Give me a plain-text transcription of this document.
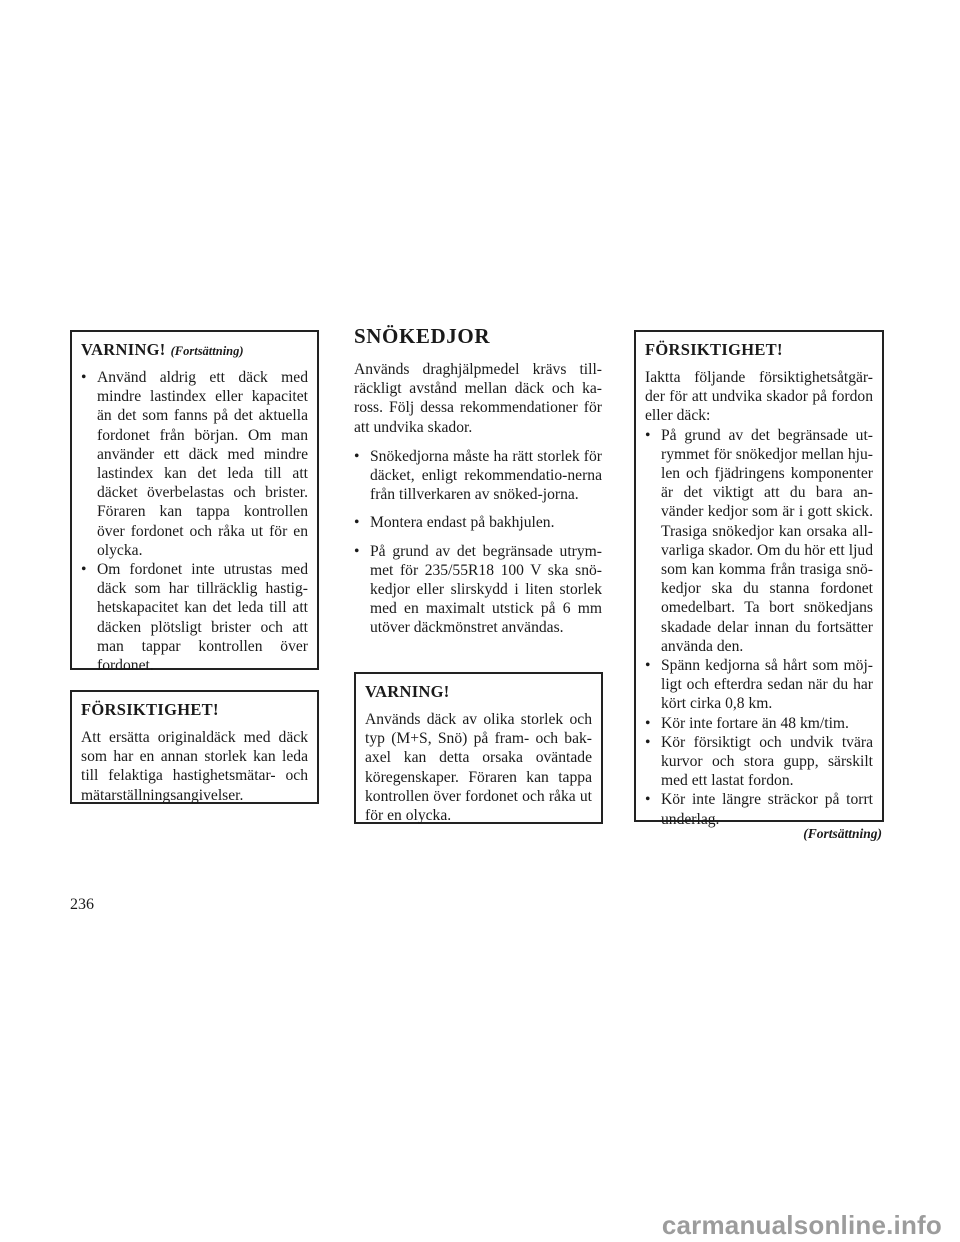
VARNING! (Fortsättning)
• Använd aldrig ett däck med mindre lastindex eller kapacitet än det som fanns på det aktuella fordonet från början. Om man använder ett däck med mindre lastindex kan det leda till att däcket överbelastas och brister. Föraren kan tappa kontrollen över fordonet och råka ut för en olycka.
• Om fordonet inte utrustas med däck som har tillräcklig hastig-hetskapacitet kan det leda till att däcken plötsligt brister och att man tappar kontrollen över fordonet.
FÖRSIKTIGHET!

Att ersätta originaldäck med däck som har en annan storlek kan leda till felaktiga hastighetsmätar- och mätarställningsangivelser.

SNÖKEDJOR

Används draghjälpmedel krävs till-räckligt avstånd mellan däck och ka-ross. Följ dessa rekommendationer för att undvika skador.

• Snökedjorna måste ha rätt storlek för däcket, enligt rekommendatio-nerna från tillverkaren av snöked-jorna.
• Montera endast på bakhjulen.
• På grund av det begränsade utrym-met för 235/55R18 100 V ska snö-kedjor eller slirskydd i liten storlek med en maximalt utstick på 6 mm utöver däckmönstret användas.
VARNING!

Används däck av olika storlek och typ (M+S, Snö) på fram- och bak-axel kan detta orsaka oväntade köregenskaper. Föraren kan tappa kontrollen över fordonet och råka ut för en olycka.

FÖRSIKTIGHET!

Iaktta följande försiktighetsåtgär-der för att undvika skador på fordon eller däck:

• På grund av det begränsade ut-rymmet för snökedjor mellan hju-len och fjädringens komponenter är det viktigt att du bara an-vänder kedjor som är i gott skick. Trasiga snökedjor kan orsaka all-varliga skador. Om du hör ett ljud som kan komma från trasiga snö-kedjor ska du stanna fordonet omedelbart. Ta bort snökedjans skadade delar innan du fortsätter använda den.
• Spänn kedjorna så hårt som möj-ligt och efterdra sedan när du har kört cirka 0,8 km.
• Kör inte fortare än 48 km/tim.
• Kör försiktigt och undvik tvära kurvor och stora gupp, särskilt med ett lastat fordon.
• Kör inte längre sträckor på torrt underlag.
(Fortsättning)
236
carmanualsonline.info
